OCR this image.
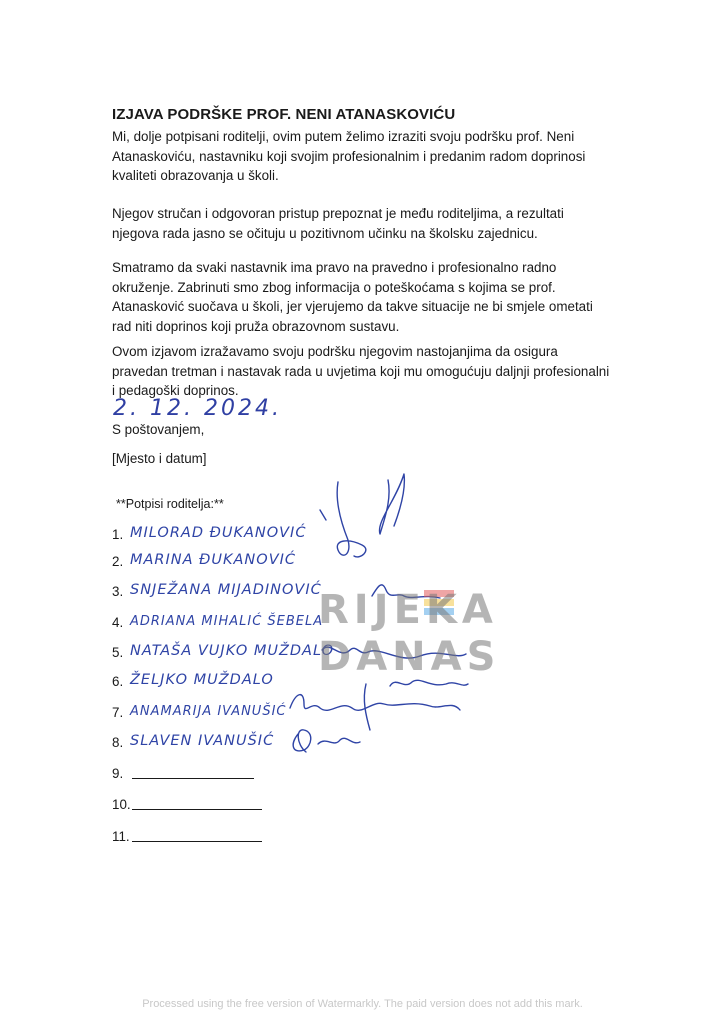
IZJAVA PODRŠKE PROF. NENI ATANASKOVIĆU
Mi, dolje potpisani roditelji, ovim putem želimo izraziti svoju podršku prof. Neni Atanaskoviću, nastavniku koji svojim profesionalnim i predanim radom doprinosi kvaliteti obrazovanja u školi.
Njegov stručan i odgovoran pristup prepoznat je među roditeljima, a rezultati njegova rada jasno se očituju u pozitivnom učinku na školsku zajednicu.
Smatramo da svaki nastavnik ima pravo na pravedno i profesionalno radno okruženje. Zabrinuti smo zbog informacija o poteškoćama s kojima se prof. Atanasković suočava u školi, jer vjerujemo da takve situacije ne bi smjele ometati rad niti doprinos koji pruža obrazovnom sustavu.
Ovom izjavom izražavamo svoju podršku njegovim nastojanjima da osigura pravedan tretman i nastavak rada u uvjetima koji mu omogućuju daljnji profesionalni i pedagoški doprinos.
2. 12. 2024.
S poštovanjem,
[Mjesto i datum]
**Potpisi roditelja:**
1. MILORAD ĐUKANOVIĆ
2. MARINA ĐUKANOVIĆ
3. SNJEŽANA MIJADINOVIĆ
4. ADRIANA MIHALIĆ ŠEBELA
5. NATAŠA VUJKO MUŽDALO
6. ŽELJKO MUŽDALO
7. ANAMARIJA IVANUŠIĆ
8. SLAVEN IVANUŠIĆ
9.
10.
11.
RIJEKA
DANAS
Processed using the free version of Watermarkly. The paid version does not add this mark.
